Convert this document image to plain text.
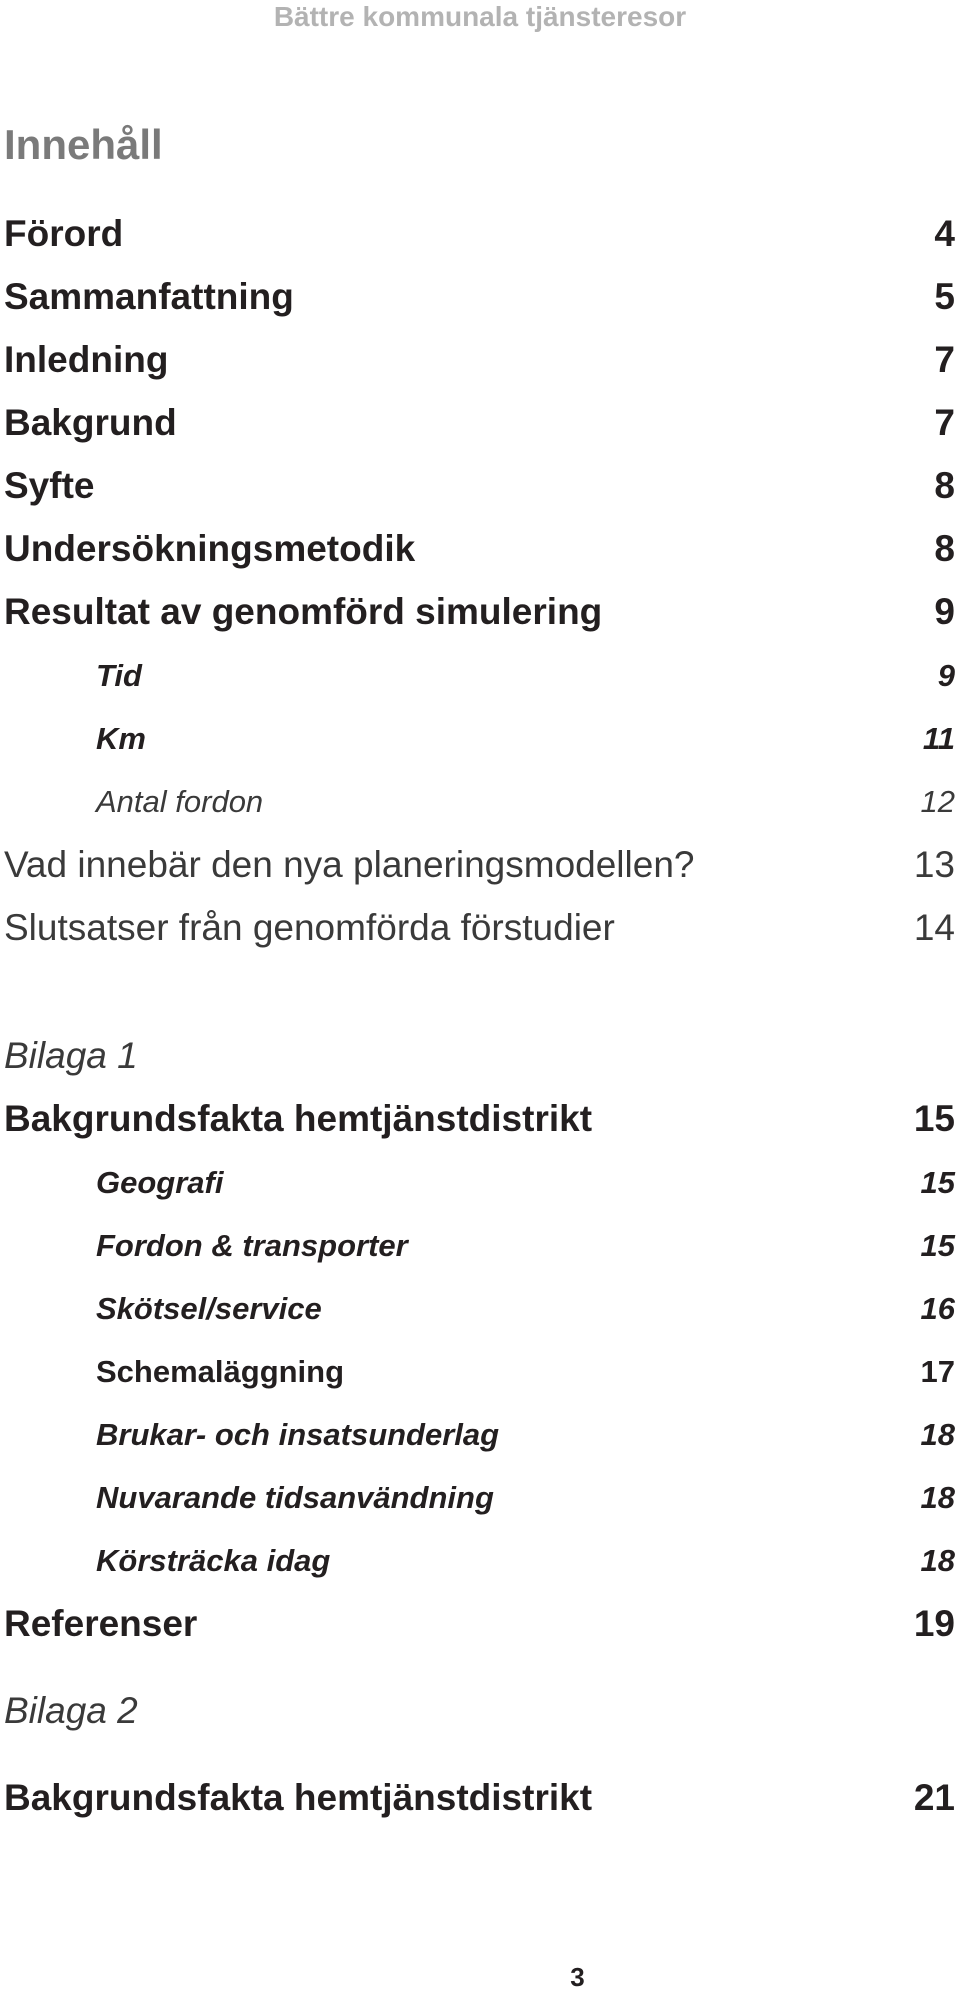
Bättre kommunala tjänsteresor
Innehåll
Förord	4
Sammanfattning	5
Inledning	7
Bakgrund	7
Syfte	8
Undersökningsmetodik	8
Resultat av genomförd simulering	9
Tid	9
Km	11
Antal fordon	12
Vad innebär den nya planeringsmodellen?	13
Slutsatser från genomförda förstudier	14
Bilaga 1
Bakgrundsfakta hemtjänstdistrikt	15
Geografi	15
Fordon & transporter	15
Skötsel/service	16
Schemaläggning	17
Brukar- och insatsunderlag	18
Nuvarande tidsanvändning	18
Körsträcka idag	18
Referenser	19
Bilaga 2
Bakgrundsfakta hemtjänstdistrikt	21
3
